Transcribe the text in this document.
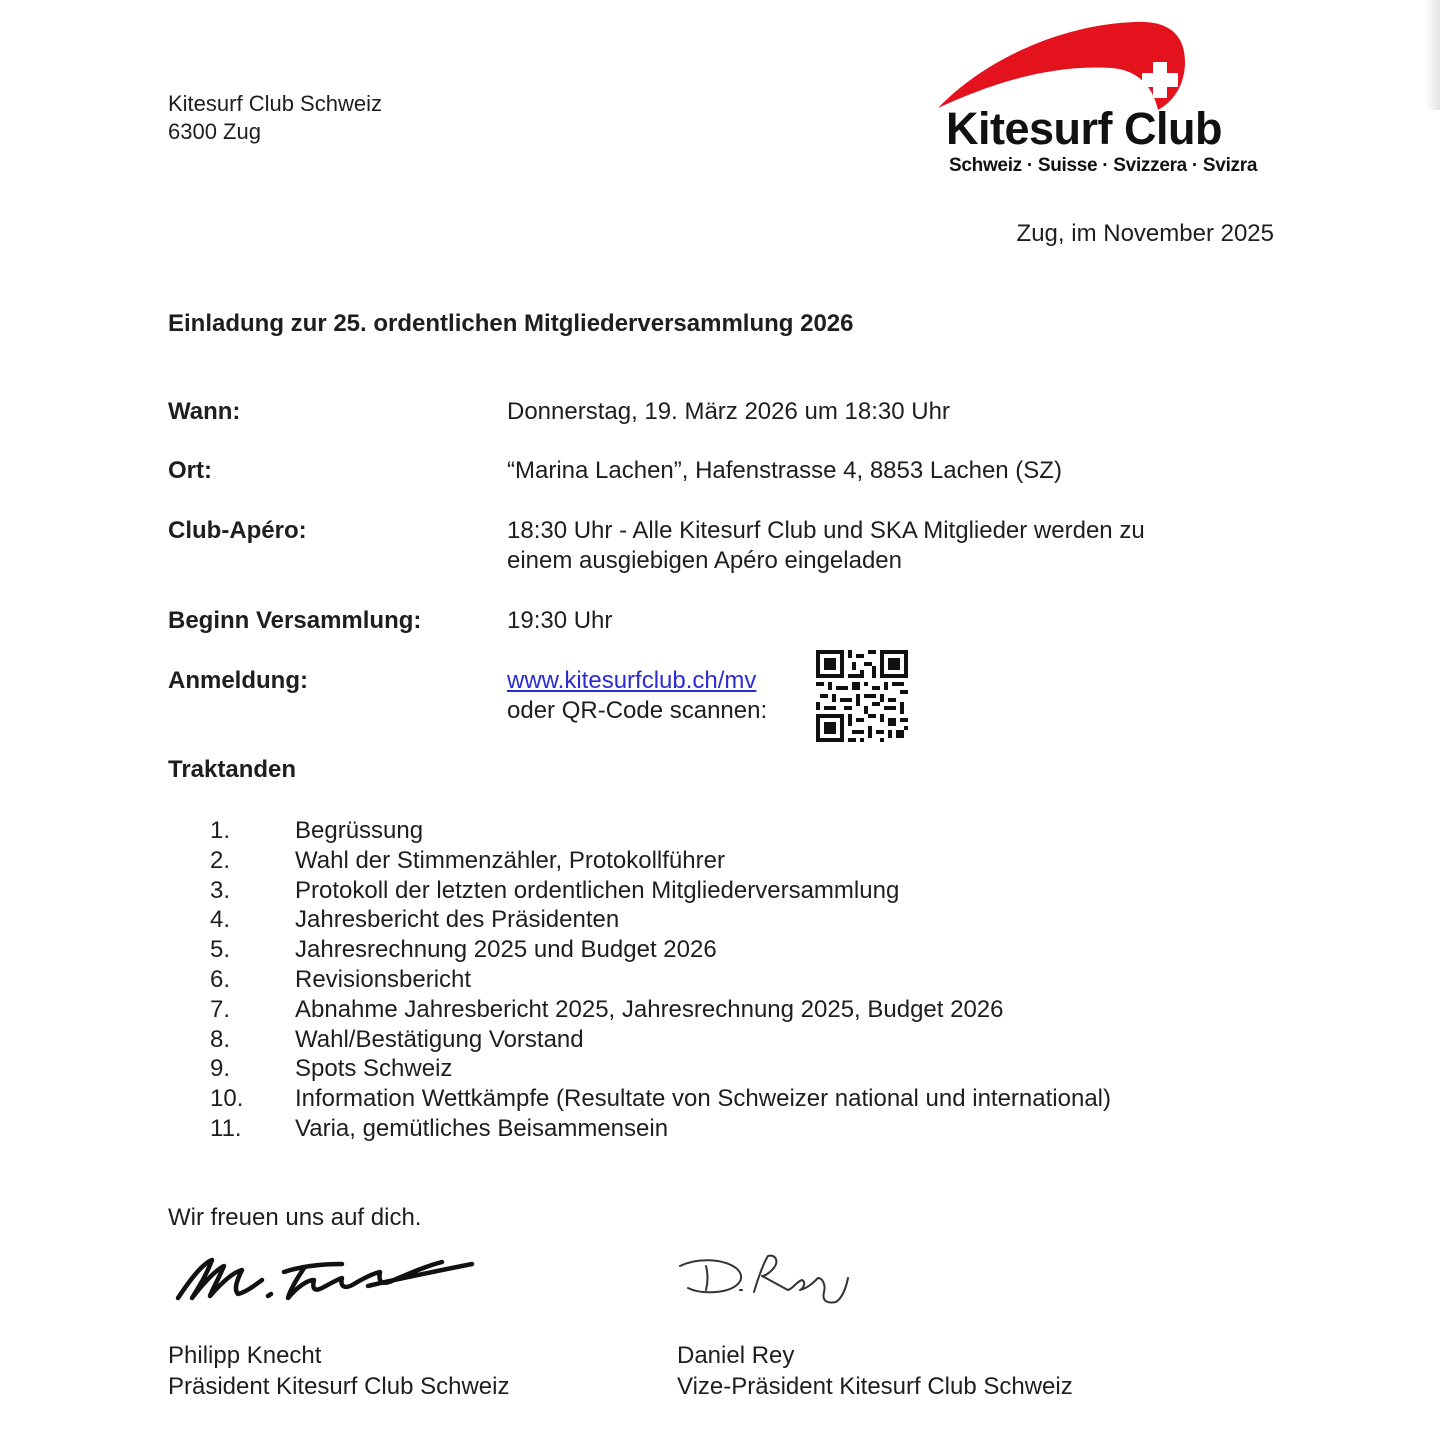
Kitesurf Club Schweiz
6300 Zug	Kitesurf Club
Schweiz · Suisse · Svizzera · Svizra
Zug, im November 2025
Einladung zur 25. ordentlichen Mitgliederversammlung 2026
Wann:	Donnerstag, 19. März 2026 um 18:30 Uhr
Ort:	“Marina Lachen”, Hafenstrasse 4, 8853 Lachen (SZ)
Club-Apéro:	18:30 Uhr - Alle Kitesurf Club und SKA Mitglieder werden zu
einem ausgiebigen Apéro eingeladen
Beginn Versammlung:	19:30 Uhr
Anmeldung:	www.kitesurfclub.ch/mv
oder QR-Code scannen:
Traktanden
1.	Begrüssung
2.	Wahl der Stimmenzähler, Protokollführer
3.	Protokoll der letzten ordentlichen Mitgliederversammlung
4.	Jahresbericht des Präsidenten
5.	Jahresrechnung 2025 und Budget 2026
6.	Revisionsbericht
7.	Abnahme Jahresbericht 2025, Jahresrechnung 2025, Budget 2026
8.	Wahl/Bestätigung Vorstand
9.	Spots Schweiz
10. Information Wettkämpfe (Resultate von Schweizer national und international)
11. Varia, gemütliches Beisammensein
Wir freuen uns auf dich.
Philipp Knecht
Präsident Kitesurf Club Schweiz
Daniel Rey
Vize-Präsident Kitesurf Club Schweiz
